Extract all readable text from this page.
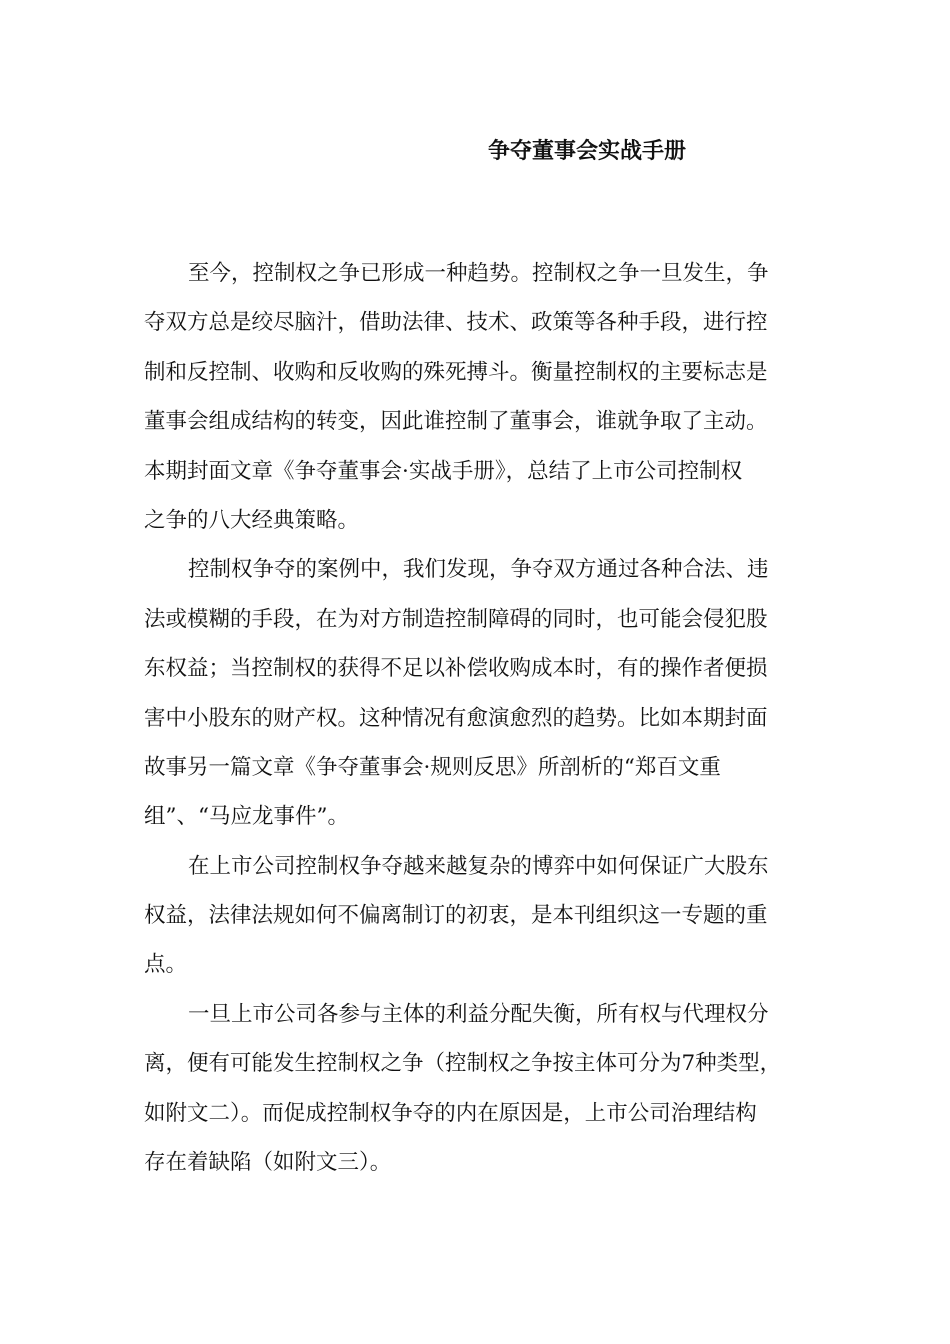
争夺董事会实战手册
至今，控制权之争已形成一种趋势。控制权之争一旦发生，争
夺双方总是绞尽脑汁，借助法律、技术、政策等各种手段，进行控
制和反控制、收购和反收购的殊死搏斗。衡量控制权的主要标志是
董事会组成结构的转变，因此谁控制了董事会，谁就争取了主动。
本期封面文章《争夺董事会·实战手册》，总结了上市公司控制权
之争的八大经典策略。
控制权争夺的案例中，我们发现，争夺双方通过各种合法、违
法或模糊的手段，在为对方制造控制障碍的同时，也可能会侵犯股
东权益；当控制权的获得不足以补偿收购成本时，有的操作者便损
害中小股东的财产权。这种情况有愈演愈烈的趋势。比如本期封面
故事另一篇文章《争夺董事会·规则反思》所剖析的“郑百文重
组”、“马应龙事件”。
在上市公司控制权争夺越来越复杂的博弈中如何保证广大股东
权益，法律法规如何不偏离制订的初衷，是本刊组织这一专题的重
点。
一旦上市公司各参与主体的利益分配失衡，所有权与代理权分
离，便有可能发生控制权之争（控制权之争按主体可分为7种类型，
如附文二）。而促成控制权争夺的内在原因是，上市公司治理结构
存在着缺陷（如附文三）。
